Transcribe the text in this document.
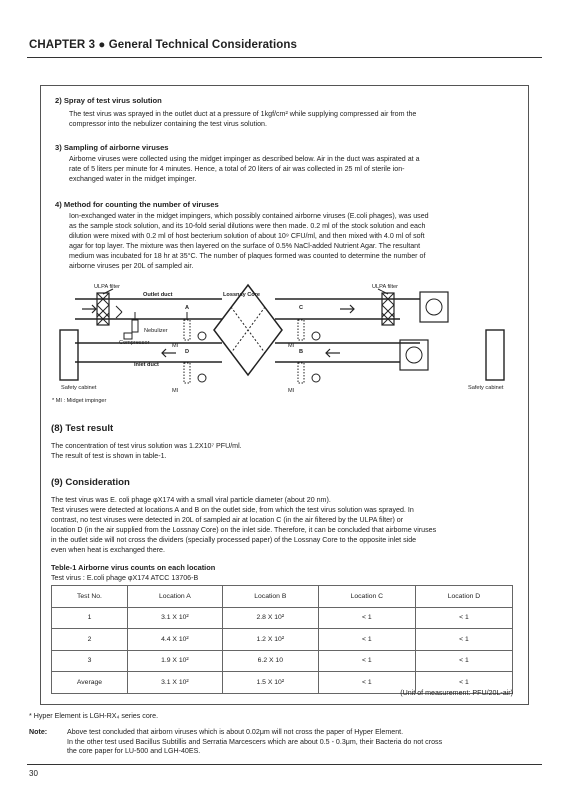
CHAPTER 3 ● General Technical Considerations
2) Spray of test virus solution
The test virus was sprayed in the outlet duct at a pressure of 1kgf/cm² while supplying compressed air from the
compressor into the nebulizer containing the test virus solution.
3) Sampling of airborne viruses
Airborne viruses were collected using the midget impinger as described below. Air in the duct was aspirated at a
rate of 5 liters per minute for 4 minutes. Hence, a total of 20 liters of air was collected in 25 ml of sterile ion-
exchanged water in the midget impinger.
4) Method for counting the number of viruses
Ion-exchanged water in the midget impingers, which possibly contained airborne viruses (E.coli phages), was used
as the sample stock solution, and its 10-fold serial dilutions were then made. 0.2 ml of the stock solution and each
dilution were mixed with 0.2 ml of host becterium solution of about 10⁹ CFU/ml, and then mixed with 4.0 ml of soft
agar for top layer. The mixture was then layered on the surface of 0.5% NaCl-added Nutrient Agar. The resultant
medium was incubated for 18 hr at 35°C. The number of plaques formed was counted to determine the number of
airborne viruses per 20L of sampled air.
ULPA filter	ULPA filter
Outlet duct	Lossnay Core
Inlet duct
Nebulizer
Compressor
Safety cabinet	Safety cabinet
A	C
D	B
MI	MI
MI	MI
* MI : Midget impinger
(8) Test result
The concentration of test virus solution was 1.2X10⁷ PFU/ml.
The result of test is shown in table-1.
(9) Consideration
The test virus was E. coli phage φX174 with a small viral particle diameter (about 20 nm).
Test viruses were detected at locations A and B on the outlet side, from which the test virus solution was sprayed. In
contrast, no test viruses were detected in 20L of sampled air at location C (in the air filtered by the ULPA filter) or
location D (in the air supplied from the Lossnay Core) on the inlet side. Therefore, it can be concluded that airborne viruses
in the outlet side will not cross the dividers (specially processed paper) of the Lossnay Core to the opposite inlet side
even when heat is exchanged there.
Teble-1 Airborne virus counts on each location
Test virus : E.coli phage φX174 ATCC 13706-B
Test No.	Location A	Location B	Location C	Location D
1	3.1 X 10²	2.8 X 10²	< 1	< 1
2	4.4 X 10²	1.2 X 10²	< 1	< 1
3	1.9 X 10²	6.2 X 10	< 1	< 1
Average	3.1 X 10²	1.5 X 10²	< 1	< 1
(Unit of measurement: PFU/20L-air)
* Hyper Element is LGH-RX₄ series core.
Note:	Above test concluded that airborn viruses which is about 0.02μm will not cross the paper of Hyper Element.
In the other test used Bacillus Subtillis and Serratia Marcescers which are about 0.5 - 0.3μm, their Bacteria do not cross
the core paper for LU-500 and LGH-40ES.
30
